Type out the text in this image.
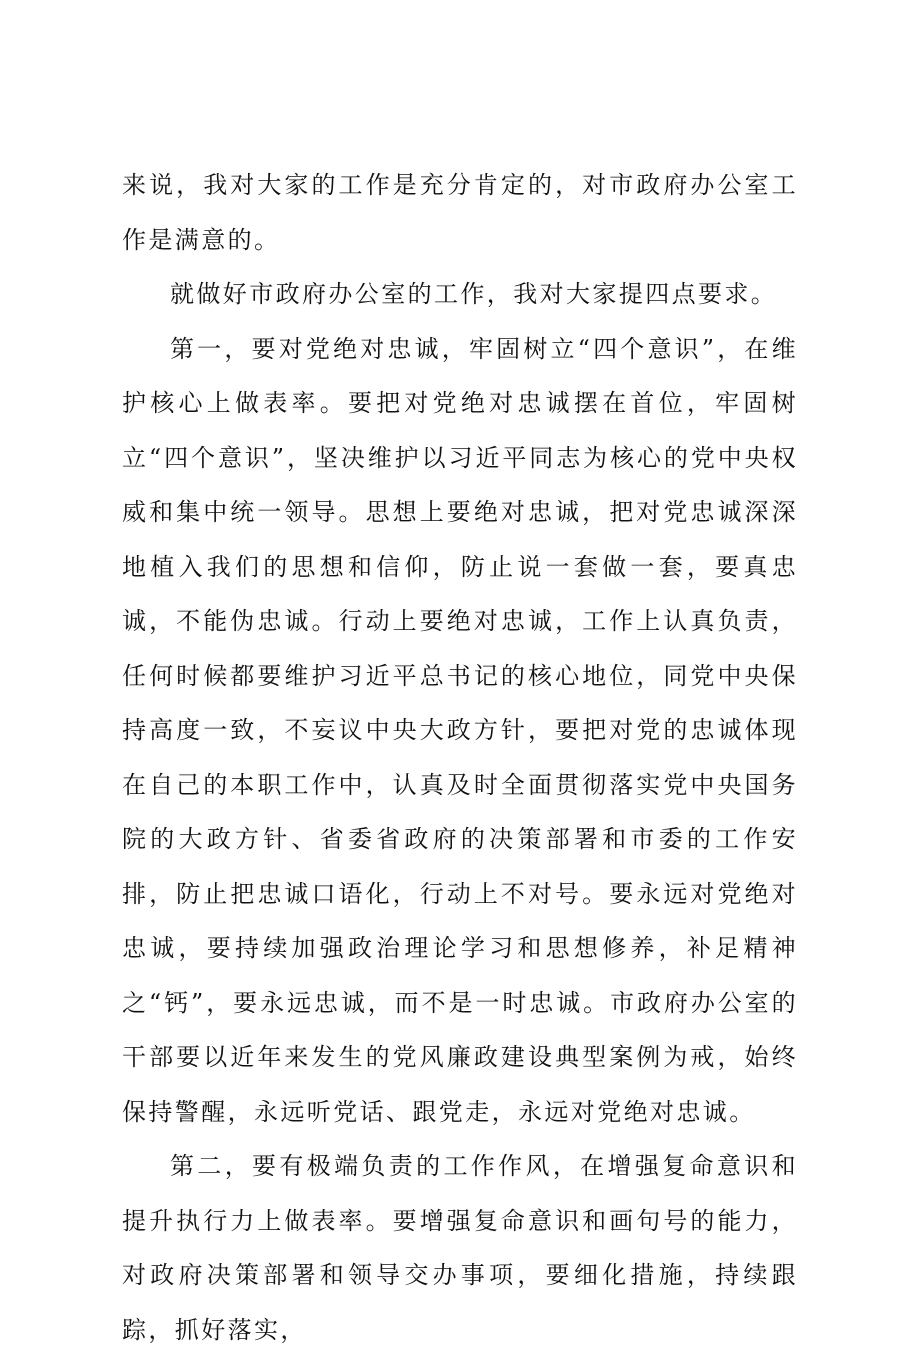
来说，我对大家的工作是充分肯定的，对市政府办公室工作是满意的。

就做好市政府办公室的工作，我对大家提四点要求。

第一，要对党绝对忠诚，牢固树立“四个意识”，在维护核心上做表率。要把对党绝对忠诚摆在首位，牢固树立“四个意识”，坚决维护以习近平同志为核心的党中央权威和集中统一领导。思想上要绝对忠诚，把对党忠诚深深地植入我们的思想和信仰，防止说一套做一套，要真忠诚，不能伪忠诚。行动上要绝对忠诚，工作上认真负责，任何时候都要维护习近平总书记的核心地位，同党中央保持高度一致，不妄议中央大政方针，要把对党的忠诚体现在自己的本职工作中，认真及时全面贯彻落实党中央国务院的大政方针、省委省政府的决策部署和市委的工作安排，防止把忠诚口语化，行动上不对号。要永远对党绝对忠诚，要持续加强政治理论学习和思想修养，补足精神之“钙”，要永远忠诚，而不是一时忠诚。市政府办公室的干部要以近年来发生的党风廉政建设典型案例为戒，始终保持警醒，永远听党话、跟党走，永远对党绝对忠诚。

第二，要有极端负责的工作作风，在增强复命意识和提升执行力上做表率。要增强复命意识和画句号的能力，对政府决策部署和领导交办事项，要细化措施，持续跟踪，抓好落实，
